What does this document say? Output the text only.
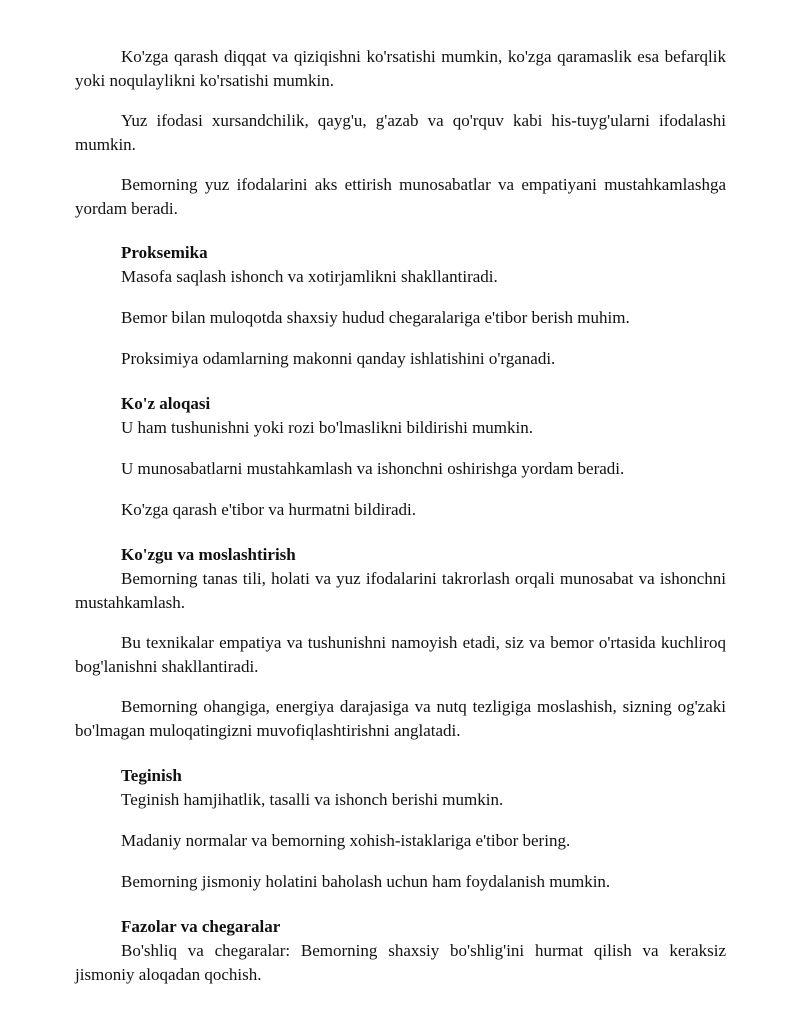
Ko'zga qarash diqqat va qiziqishni ko'rsatishi mumkin, ko'zga qaramaslik esa befarqlik yoki noqulaylikni ko'rsatishi mumkin.

Yuz ifodasi xursandchilik, qayg'u, g'azab va qo'rquv kabi his-tuyg'ularni ifodalashi mumkin.

Bemorning yuz ifodalarini aks ettirish munosabatlar va empatiyani mustahkamlashga yordam beradi.

Proksemika

Masofa saqlash ishonch va xotirjamlikni shakllantiradi.

Bemor bilan muloqotda shaxsiy hudud chegaralariga e'tibor berish muhim.

Proksimiya odamlarning makonni qanday ishlatishini o'rganadi.

Ko'z aloqasi

U ham tushunishni yoki rozi bo'lmaslikni bildirishi mumkin.

U munosabatlarni mustahkamlash va ishonchni oshirishga yordam beradi.

Ko'zga qarash e'tibor va hurmatni bildiradi.

Ko'zgu va moslashtirish

Bemorning tanas tili, holati va yuz ifodalarini takrorlash orqali munosabat va ishonchni mustahkamlash.

Bu texnikalar empatiya va tushunishni namoyish etadi, siz va bemor o'rtasida kuchliroq bog'lanishni shakllantiradi.

Bemorning ohangiga, energiya darajasiga va nutq tezligiga moslashish, sizning og'zaki bo'lmagan muloqatingizni muvofiqlashtirishni anglatadi.

Teginish

Teginish hamjihatlik, tasalli va ishonch berishi mumkin.

Madaniy normalar va bemorning xohish-istaklariga e'tibor bering.

Bemorning jismoniy holatini baholash uchun ham foydalanish mumkin.

Fazolar va chegaralar

Bo'shliq va chegaralar: Bemorning shaxsiy bo'shlig'ini hurmat qilish va keraksiz jismoniy aloqadan qochish.
